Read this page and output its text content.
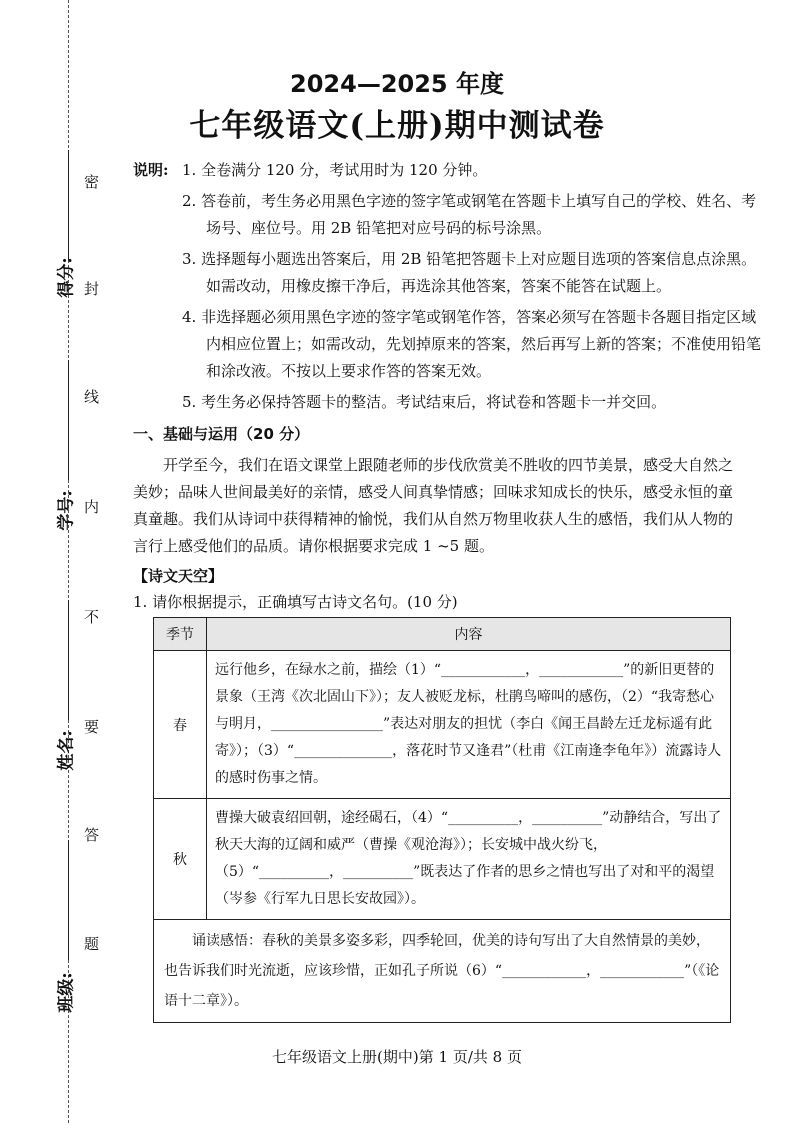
密
封
线
内
不
要
答
题
得分:
学号:
姓名:
班级:
2024—2025 年度
七年级语文(上册)期中测试卷
说明: 1. 全卷满分 120 分，考试用时为 120 分钟。
2. 答卷前，考生务必用黑色字迹的签字笔或钢笔在答题卡上填写自己的学校、姓名、考场号、座位号。用 2B 铅笔把对应号码的标号涂黑。
3. 选择题每小题选出答案后，用 2B 铅笔把答题卡上对应题目选项的答案信息点涂黑。如需改动，用橡皮擦干净后，再选涂其他答案，答案不能答在试题上。
4. 非选择题必须用黑色字迹的签字笔或钢笔作答，答案必须写在答题卡各题目指定区域内相应位置上；如需改动，先划掉原来的答案，然后再写上新的答案；不准使用铅笔和涂改液。不按以上要求作答的答案无效。
5. 考生务必保持答题卡的整洁。考试结束后，将试卷和答题卡一并交回。
一、基础与运用（20 分）
开学至今，我们在语文课堂上跟随老师的步伐欣赏美不胜收的四节美景，感受大自然之美妙；品味人世间最美好的亲情，感受人间真挚情感；回味求知成长的快乐，感受永恒的童真童趣。我们从诗词中获得精神的愉悦，我们从自然万物里收获人生的感悟，我们从人物的言行上感受他们的品质。请你根据要求完成 1 ~5 题。
【诗文天空】
1. 请你根据提示，正确填写古诗文名句。(10 分)
季节	内容
春	远行他乡，在绿水之前，描绘（1）“____________，____________”的新旧更替的景象（王湾《次北固山下》）；友人被贬龙标，杜鹃鸟啼叫的感伤，（2）“我寄愁心与明月，________________”表达对朋友的担忧（李白《闻王昌龄左迁龙标遥有此寄》）；（3）“______________，落花时节又逢君”（杜甫《江南逢李龟年》）流露诗人的感时伤事之情。
秋	曹操大破袁绍回朝，途经碣石，（4）“__________，__________”动静结合，写出了秋天大海的辽阔和威严（曹操《观沧海》）；长安城中战火纷飞，（5）“__________，__________”既表达了作者的思乡之情也写出了对和平的渴望（岑参《行军九日思长安故园》）。
诵读感悟：春秋的美景多姿多彩，四季轮回，优美的诗句写出了大自然情景的美妙，也告诉我们时光流逝，应该珍惜，正如孔子所说（6）“____________，____________”（《论语十二章》）。	
七年级语文上册(期中)第 1 页/共 8 页
